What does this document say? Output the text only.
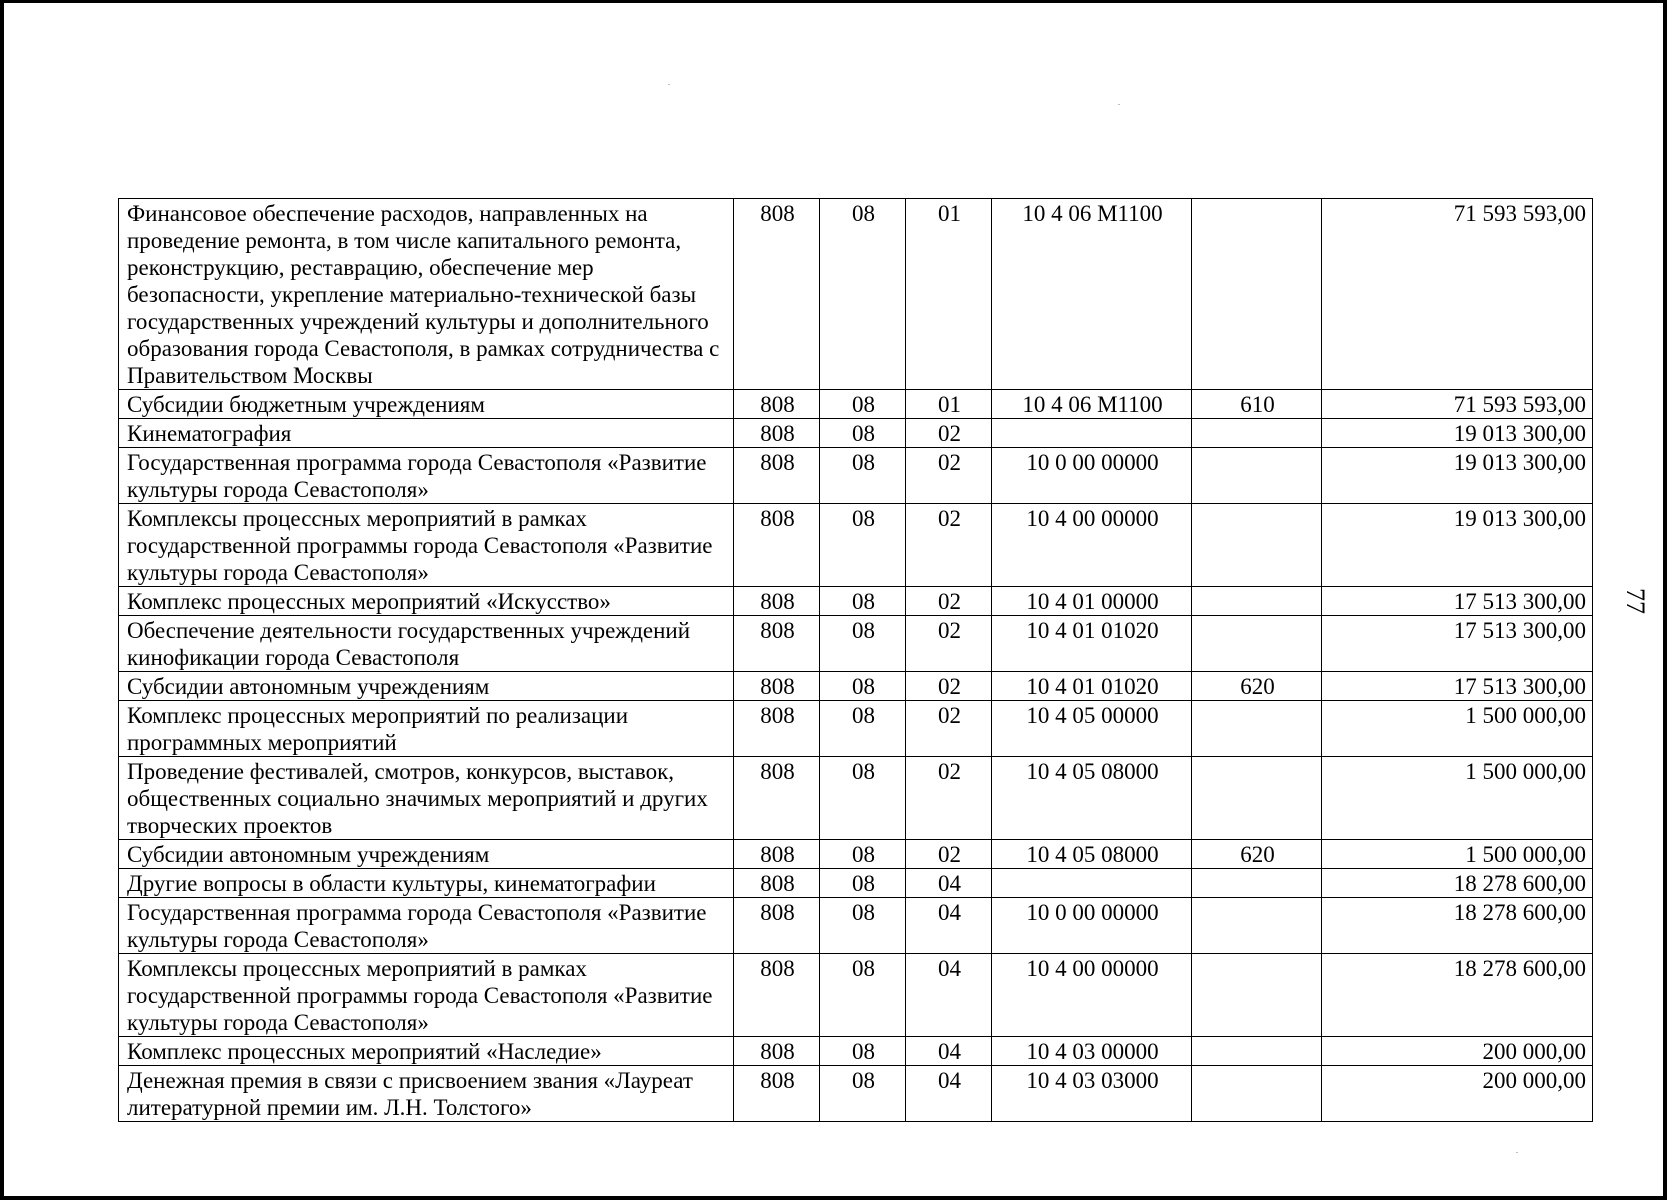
Финансовое обеспечение расходов, направленных на проведение ремонта, в том числе капитального ремонта, реконструкцию, реставрацию, обеспечение мер безопасности, укрепление материально-технической базы государственных учреждений культуры и дополнительного образования города Севастополя, в рамках сотрудничества с Правительством Москвы	808	08	01	10 4 06 M1100		71 593 593,00
Субсидии бюджетным учреждениям	808	08	01	10 4 06 M1100	610	71 593 593,00
Кинематография	808	08	02			19 013 300,00
Государственная программа города Севастополя «Развитие культуры города Севастополя»	808	08	02	10 0 00 00000		19 013 300,00
Комплексы процессных мероприятий в рамках государственной программы города Севастополя «Развитие культуры города Севастополя»	808	08	02	10 4 00 00000		19 013 300,00
Комплекс процессных мероприятий «Искусство»	808	08	02	10 4 01 00000		17 513 300,00
Обеспечение деятельности государственных учреждений кинофикации города Севастополя	808	08	02	10 4 01 01020		17 513 300,00
Субсидии автономным учреждениям	808	08	02	10 4 01 01020	620	17 513 300,00
Комплекс процессных мероприятий по реализации программных мероприятий	808	08	02	10 4 05 00000		1 500 000,00
Проведение фестивалей, смотров, конкурсов, выставок, общественных социально значимых мероприятий и других творческих проектов	808	08	02	10 4 05 08000		1 500 000,00
Субсидии автономным учреждениям	808	08	02	10 4 05 08000	620	1 500 000,00
Другие вопросы в области культуры, кинематографии	808	08	04			18 278 600,00
Государственная программа города Севастополя «Развитие культуры города Севастополя»	808	08	04	10 0 00 00000		18 278 600,00
Комплексы процессных мероприятий в рамках государственной программы города Севастополя «Развитие культуры города Севастополя»	808	08	04	10 4 00 00000		18 278 600,00
Комплекс процессных мероприятий «Наследие»	808	08	04	10 4 03 00000		200 000,00
Денежная премия в связи с присвоением звания «Лауреат литературной премии им. Л.Н. Толстого»	808	08	04	10 4 03 03000		200 000,00
77
